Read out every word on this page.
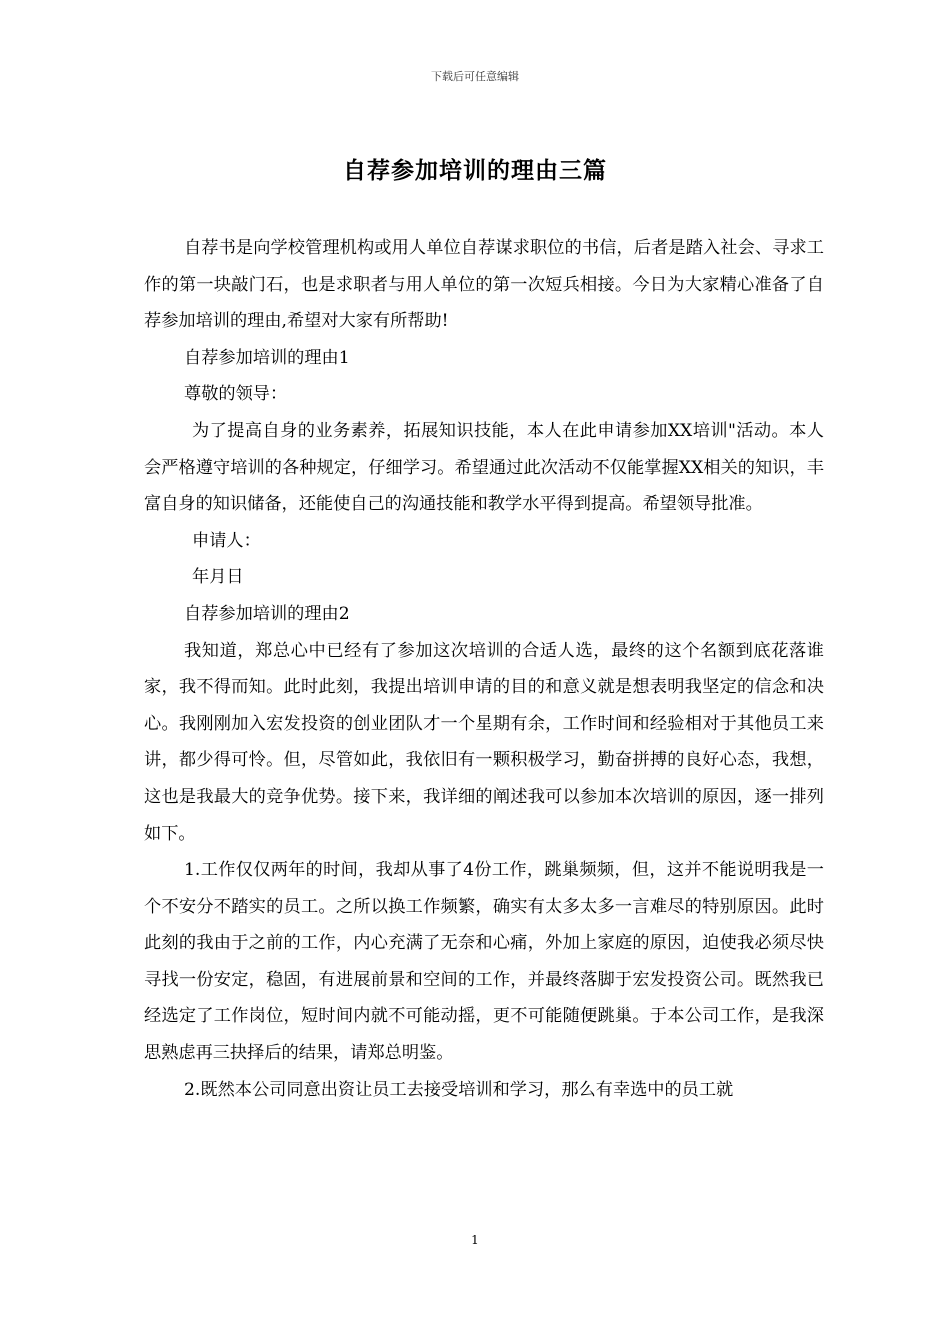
下载后可任意编辑
自荐参加培训的理由三篇

自荐书是向学校管理机构或用人单位自荐谋求职位的书信，后者是踏入社会、寻求工作的第一块敲门石，也是求职者与用人单位的第一次短兵相接。今日为大家精心准备了自荐参加培训的理由,希望对大家有所帮助!

自荐参加培训的理由1

尊敬的领导：

为了提高自身的业务素养，拓展知识技能，本人在此申请参加XX培训"活动。本人会严格遵守培训的各种规定，仔细学习。希望通过此次活动不仅能掌握XX相关的知识，丰富自身的知识储备，还能使自己的沟通技能和教学水平得到提高。希望领导批准。

申请人：

年月日

自荐参加培训的理由2

我知道，郑总心中已经有了参加这次培训的合适人选，最终的这个名额到底花落谁家，我不得而知。此时此刻，我提出培训申请的目的和意义就是想表明我坚定的信念和决心。我刚刚加入宏发投资的创业团队才一个星期有余，工作时间和经验相对于其他员工来讲，都少得可怜。但，尽管如此，我依旧有一颗积极学习，勤奋拼搏的良好心态，我想，这也是我最大的竞争优势。接下来，我详细的阐述我可以参加本次培训的原因，逐一排列如下。

1.工作仅仅两年的时间，我却从事了4份工作，跳巢频频，但，这并不能说明我是一个不安分不踏实的员工。之所以换工作频繁，确实有太多太多一言难尽的特别原因。此时此刻的我由于之前的工作，内心充满了无奈和心痛，外加上家庭的原因，迫使我必须尽快寻找一份安定，稳固，有进展前景和空间的工作，并最终落脚于宏发投资公司。既然我已经选定了工作岗位，短时间内就不可能动摇，更不可能随便跳巢。于本公司工作，是我深思熟虑再三抉择后的结果，请郑总明鉴。

2.既然本公司同意出资让员工去接受培训和学习，那么有幸选中的员工就

1
